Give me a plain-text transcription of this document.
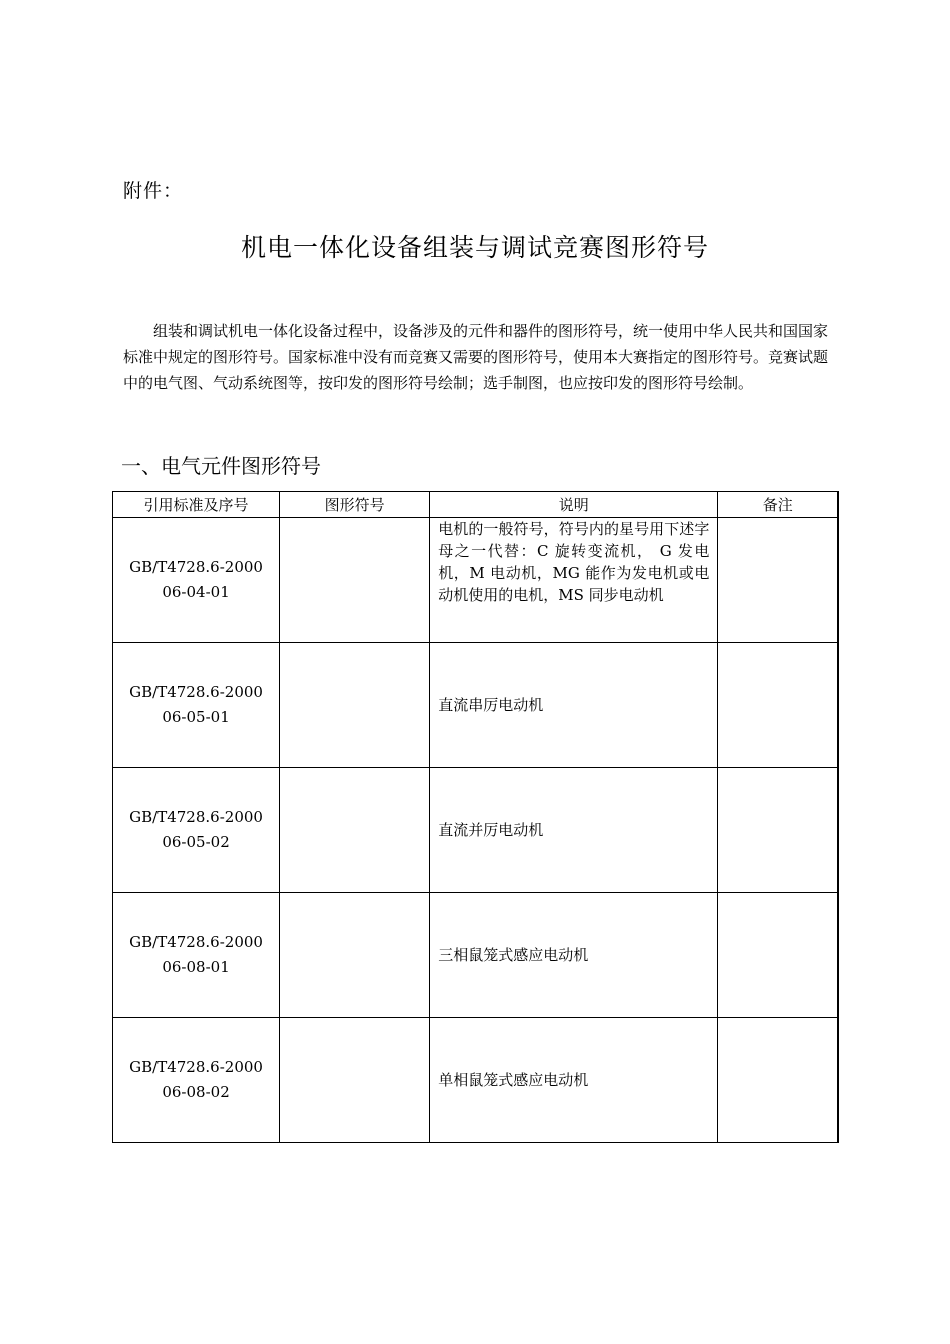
附件：
机电一体化设备组装与调试竞赛图形符号

组装和调试机电一体化设备过程中，设备涉及的元件和器件的图形符号，统一使用中华人民共和国国家标准中规定的图形符号。国家标准中没有而竞赛又需要的图形符号，使用本大赛指定的图形符号。竞赛试题中的电气图、气动系统图等，按印发的图形符号绘制；选手制图，也应按印发的图形符号绘制。

一、电气元件图形符号
引用标准及序号	图形符号	说明	备注

GB/T4728.6-2000
06-04-01		电机的一般符号，符号内的星号用下述字母之一代替：C 旋转变流机， G 发电机，M 电动机，MG 能作为发电机或电动机使用的电机，MS 同步电动机	

GB/T4728.6-2000
06-05-01		直流串厉电动机	

GB/T4728.6-2000
06-05-02		直流并厉电动机	

GB/T4728.6-2000
06-08-01		三相鼠笼式感应电动机	

GB/T4728.6-2000
06-08-02		单相鼠笼式感应电动机	
